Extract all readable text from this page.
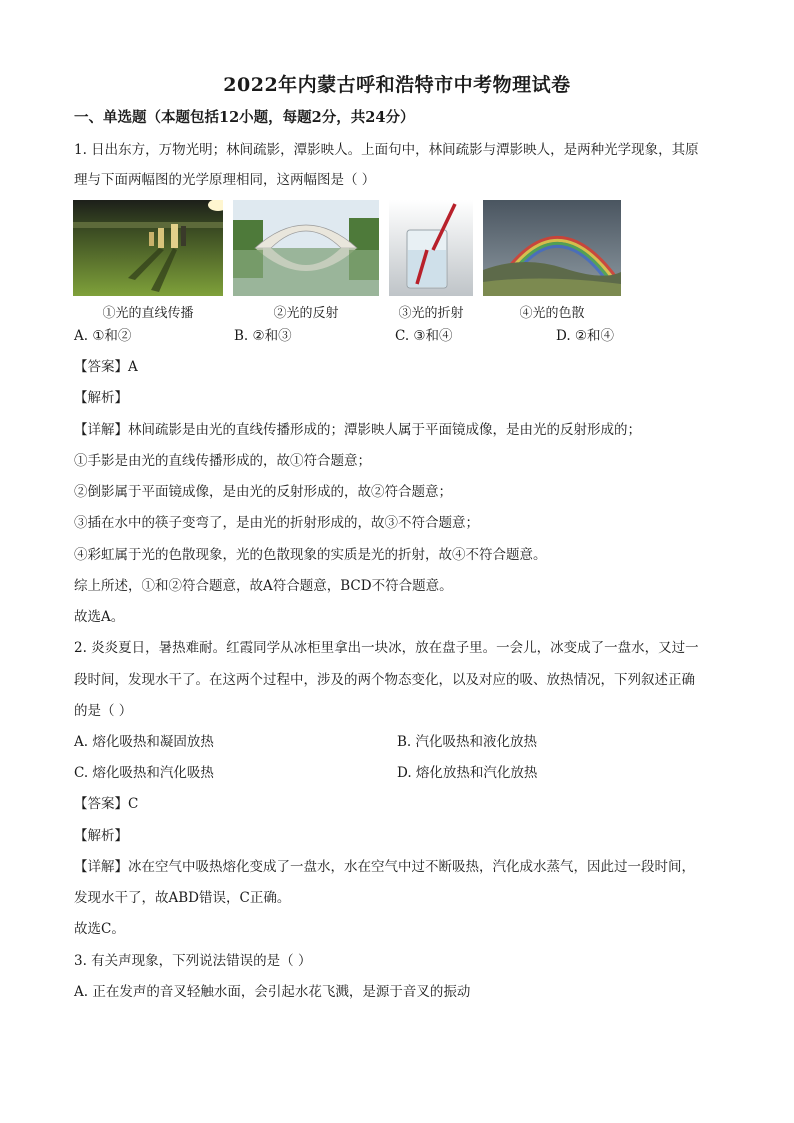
2022年内蒙古呼和浩特市中考物理试卷
一、单选题（本题包括12小题，每题2分，共24分）
1. 日出东方，万物光明；林间疏影，潭影映人。上面句中，林间疏影与潭影映人，是两种光学现象，其原
理与下面两幅图的光学原理相同，这两幅图是（ ）
①光的直线传播	②光的反射	③光的折射	④光的色散
A. ①和②	B. ②和③	C. ③和④	D. ②和④
【答案】A
【解析】
【详解】林间疏影是由光的直线传播形成的；潭影映人属于平面镜成像，是由光的反射形成的；
①手影是由光的直线传播形成的，故①符合题意；
②倒影属于平面镜成像，是由光的反射形成的，故②符合题意；
③插在水中的筷子变弯了，是由光的折射形成的，故③不符合题意；
④彩虹属于光的色散现象，光的色散现象的实质是光的折射，故④不符合题意。
综上所述，①和②符合题意，故A符合题意，BCD不符合题意。
故选A。
2. 炎炎夏日，暑热难耐。红霞同学从冰柜里拿出一块冰，放在盘子里。一会儿，冰变成了一盘水，又过一
段时间，发现水干了。在这两个过程中，涉及的两个物态变化，以及对应的吸、放热情况，下列叙述正确
的是（ ）
A. 熔化吸热和凝固放热	B. 汽化吸热和液化放热
C. 熔化吸热和汽化吸热	D. 熔化放热和汽化放热
【答案】C
【解析】
【详解】冰在空气中吸热熔化变成了一盘水，水在空气中过不断吸热，汽化成水蒸气，因此过一段时间，
发现水干了，故ABD错误，C正确。
故选C。
3. 有关声现象，下列说法错误的是（ ）
A. 正在发声的音叉轻触水面，会引起水花飞溅，是源于音叉的振动
